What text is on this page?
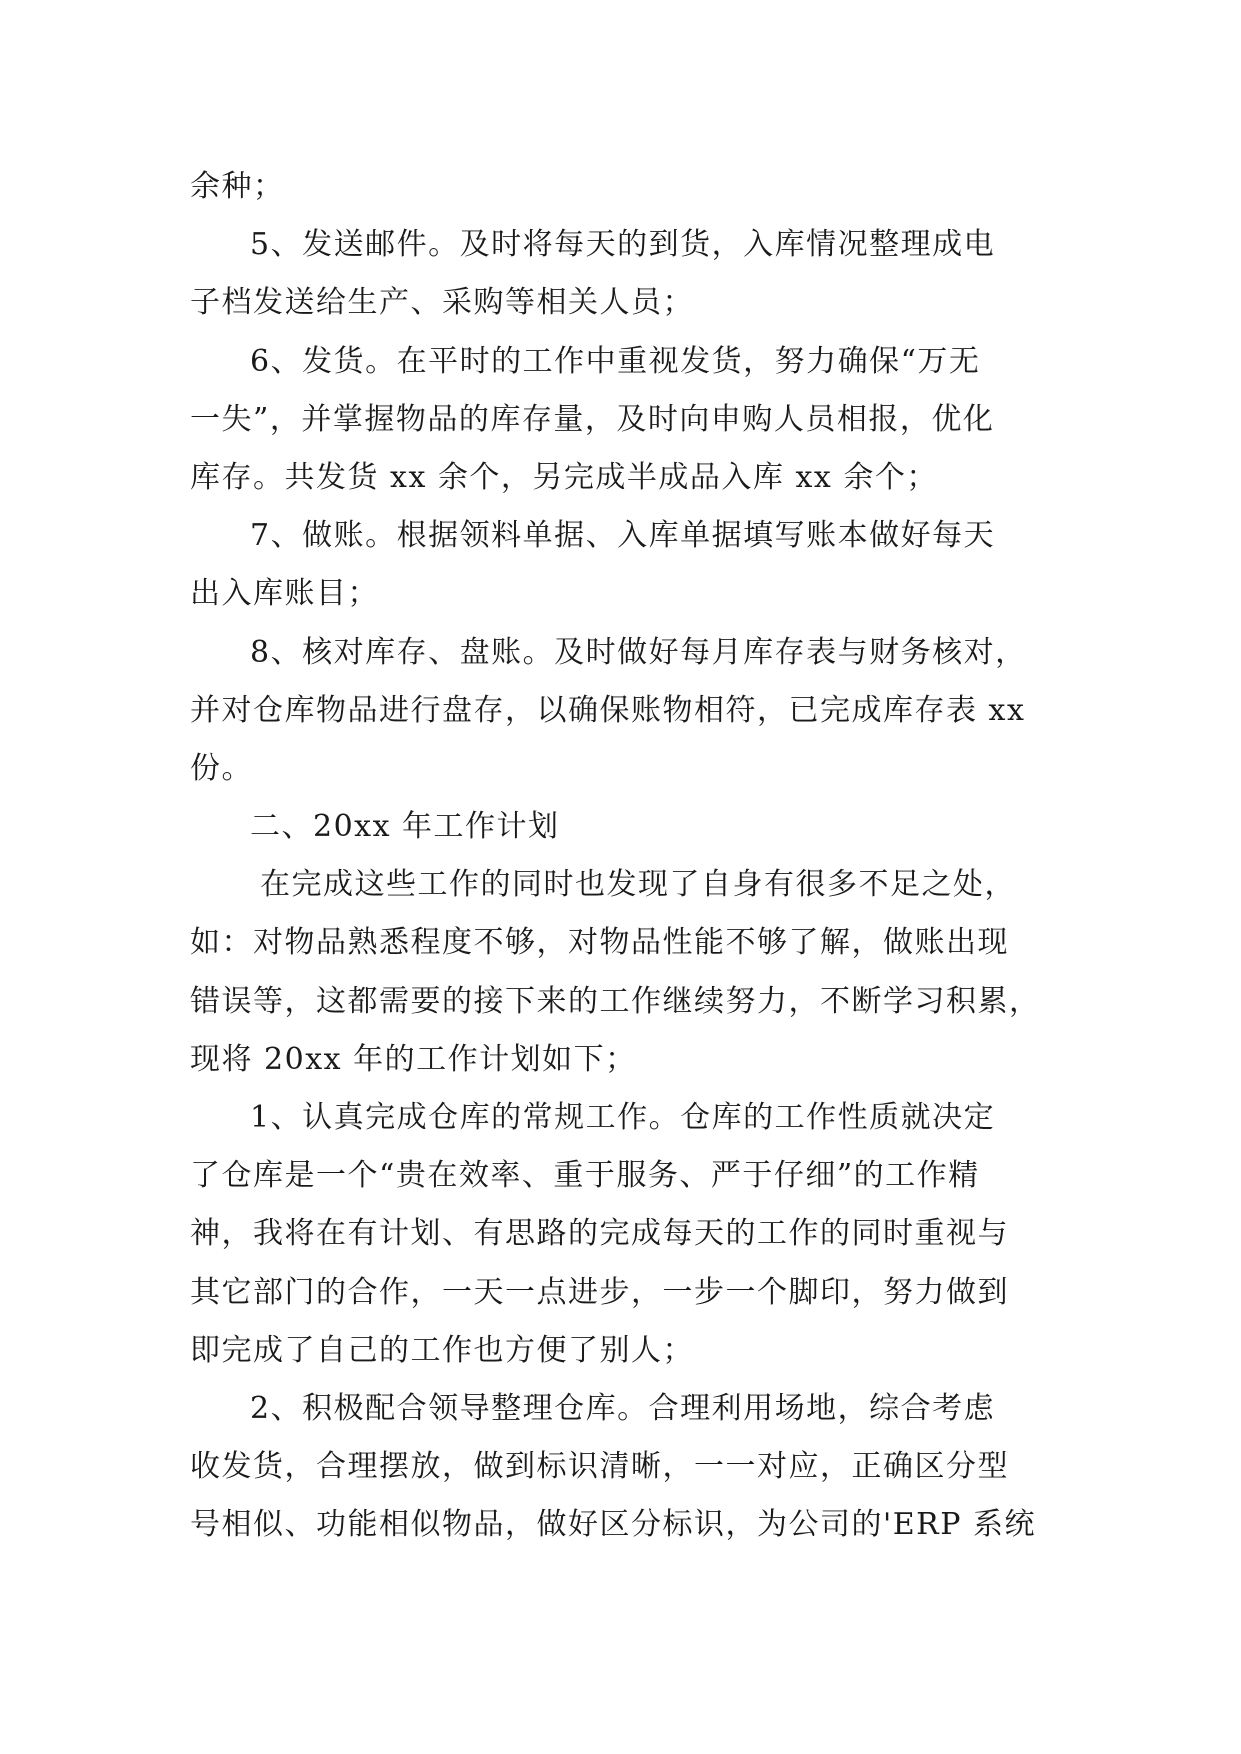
余种；
5、发送邮件。及时将每天的到货，入库情况整理成电
子档发送给生产、采购等相关人员；
6、发货。在平时的工作中重视发货，努力确保“万无
一失”，并掌握物品的库存量，及时向申购人员相报，优化
库存。共发货 xx 余个，另完成半成品入库 xx 余个；
7、做账。根据领料单据、入库单据填写账本做好每天
出入库账目；
8、核对库存、盘账。及时做好每月库存表与财务核对，
并对仓库物品进行盘存，以确保账物相符，已完成库存表 xx
份。
二、20xx 年工作计划
在完成这些工作的同时也发现了自身有很多不足之处，
如：对物品熟悉程度不够，对物品性能不够了解，做账出现
错误等，这都需要的接下来的工作继续努力，不断学习积累，
现将 20xx 年的工作计划如下；
1、认真完成仓库的常规工作。仓库的工作性质就决定
了仓库是一个“贵在效率、重于服务、严于仔细”的工作精
神，我将在有计划、有思路的完成每天的工作的同时重视与
其它部门的合作，一天一点进步，一步一个脚印，努力做到
即完成了自己的工作也方便了别人；
2、积极配合领导整理仓库。合理利用场地，综合考虑
收发货，合理摆放，做到标识清晰，一一对应，正确区分型
号相似、功能相似物品，做好区分标识，为公司的'ERP 系统
